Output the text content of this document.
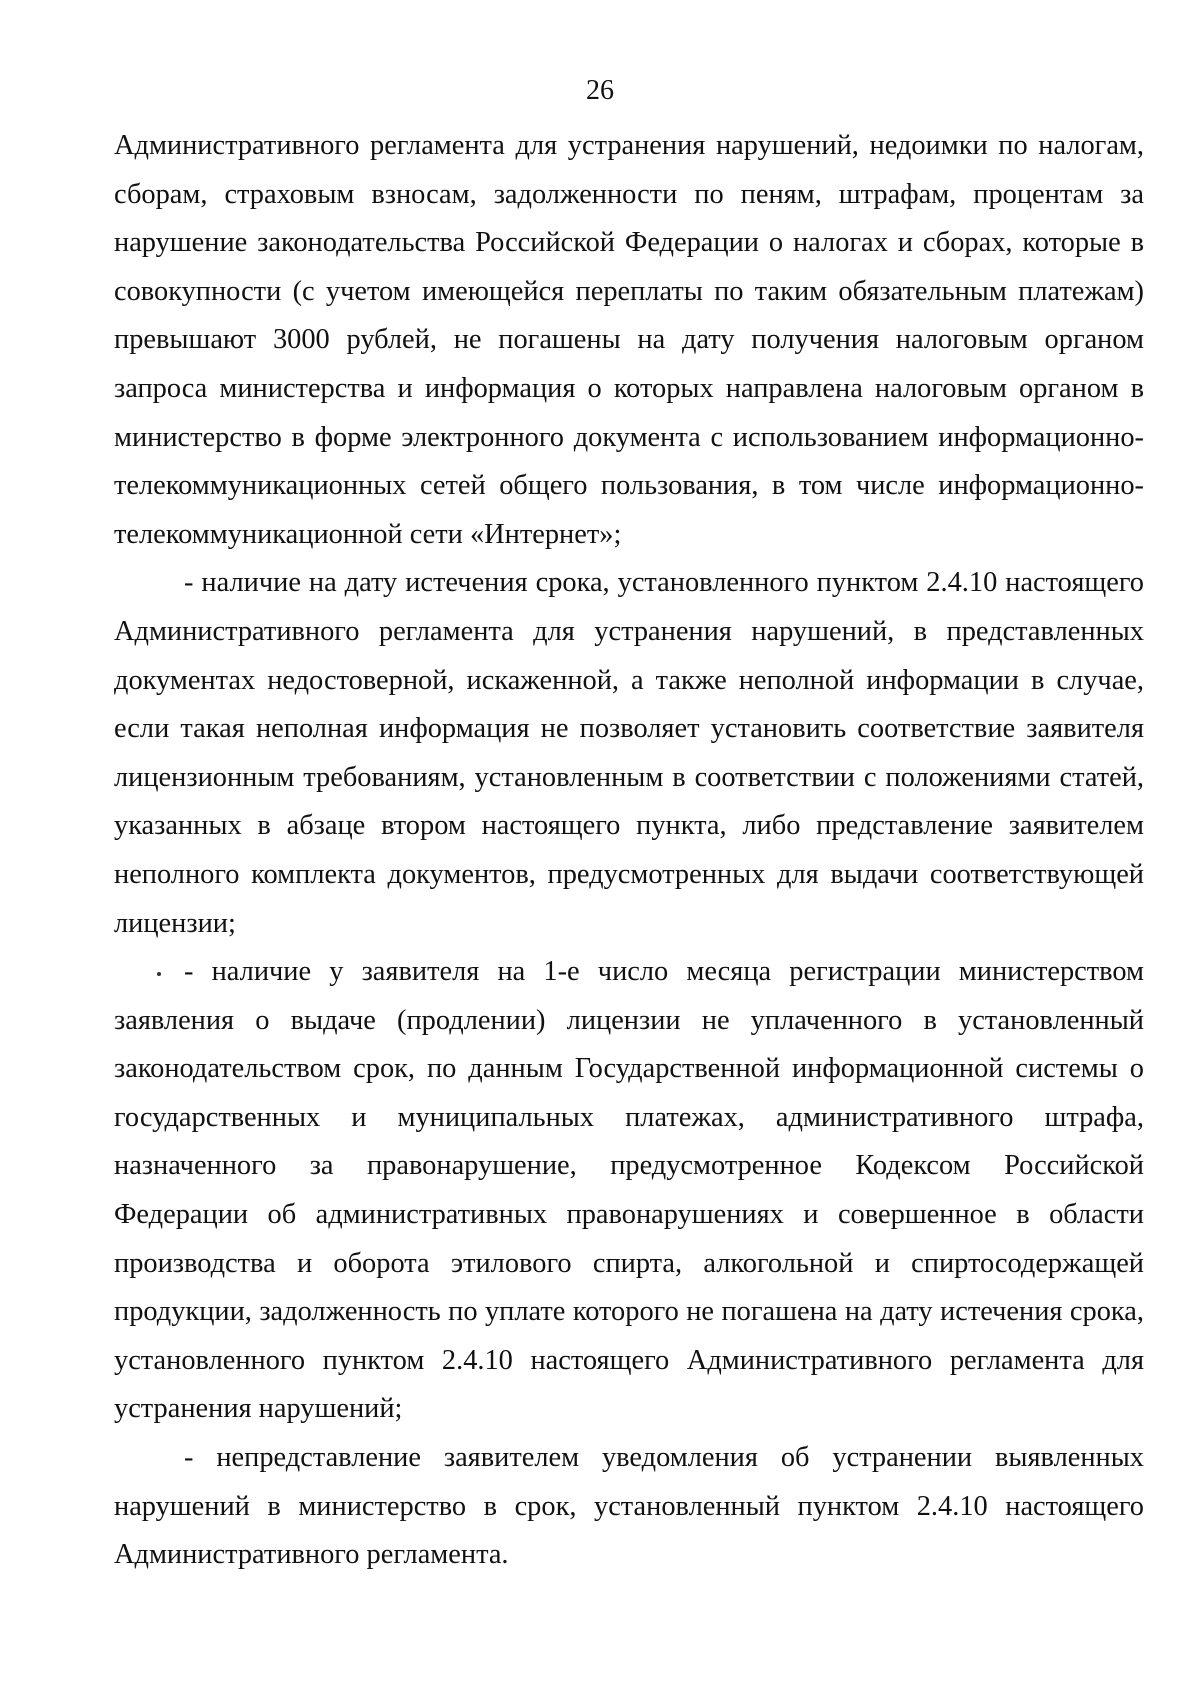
26

Административного регламента для устранения нарушений, недоимки по налогам, сборам, страховым взносам, задолженности по пеням, штрафам, процентам за нарушение законодательства Российской Федерации о налогах и сборах, которые в совокупности (с учетом имеющейся переплаты по таким обязательным платежам) превышают 3000 рублей, не погашены на дату получения налоговым органом запроса министерства и информация о которых направлена налоговым органом в министерство в форме электронного документа с использованием информационно-телекоммуникационных сетей общего пользования, в том числе информационно-телекоммуникационной сети «Интернет»;

- наличие на дату истечения срока, установленного пунктом 2.4.10 настоящего Административного регламента для устранения нарушений, в представленных документах недостоверной, искаженной, а также неполной информации в случае, если такая неполная информация не позволяет установить соответствие заявителя лицензионным требованиям, установленным в соответствии с положениями статей, указанных в абзаце втором настоящего пункта, либо представление заявителем неполного комплекта документов, предусмотренных для выдачи соответствующей лицензии;

- наличие у заявителя на 1-е число месяца регистрации министерством заявления о выдаче (продлении) лицензии не уплаченного в установленный законодательством срок, по данным Государственной информационной системы о государственных и муниципальных платежах, административного штрафа, назначенного за правонарушение, предусмотренное Кодексом Российской Федерации об административных правонарушениях и совершенное в области производства и оборота этилового спирта, алкогольной и спиртосодержащей продукции, задолженность по уплате которого не погашена на дату истечения срока, установленного пунктом 2.4.10 настоящего Административного регламента для устранения нарушений;

- непредставление заявителем уведомления об устранении выявленных нарушений в министерство в срок, установленный пунктом 2.4.10 настоящего Административного регламента.
